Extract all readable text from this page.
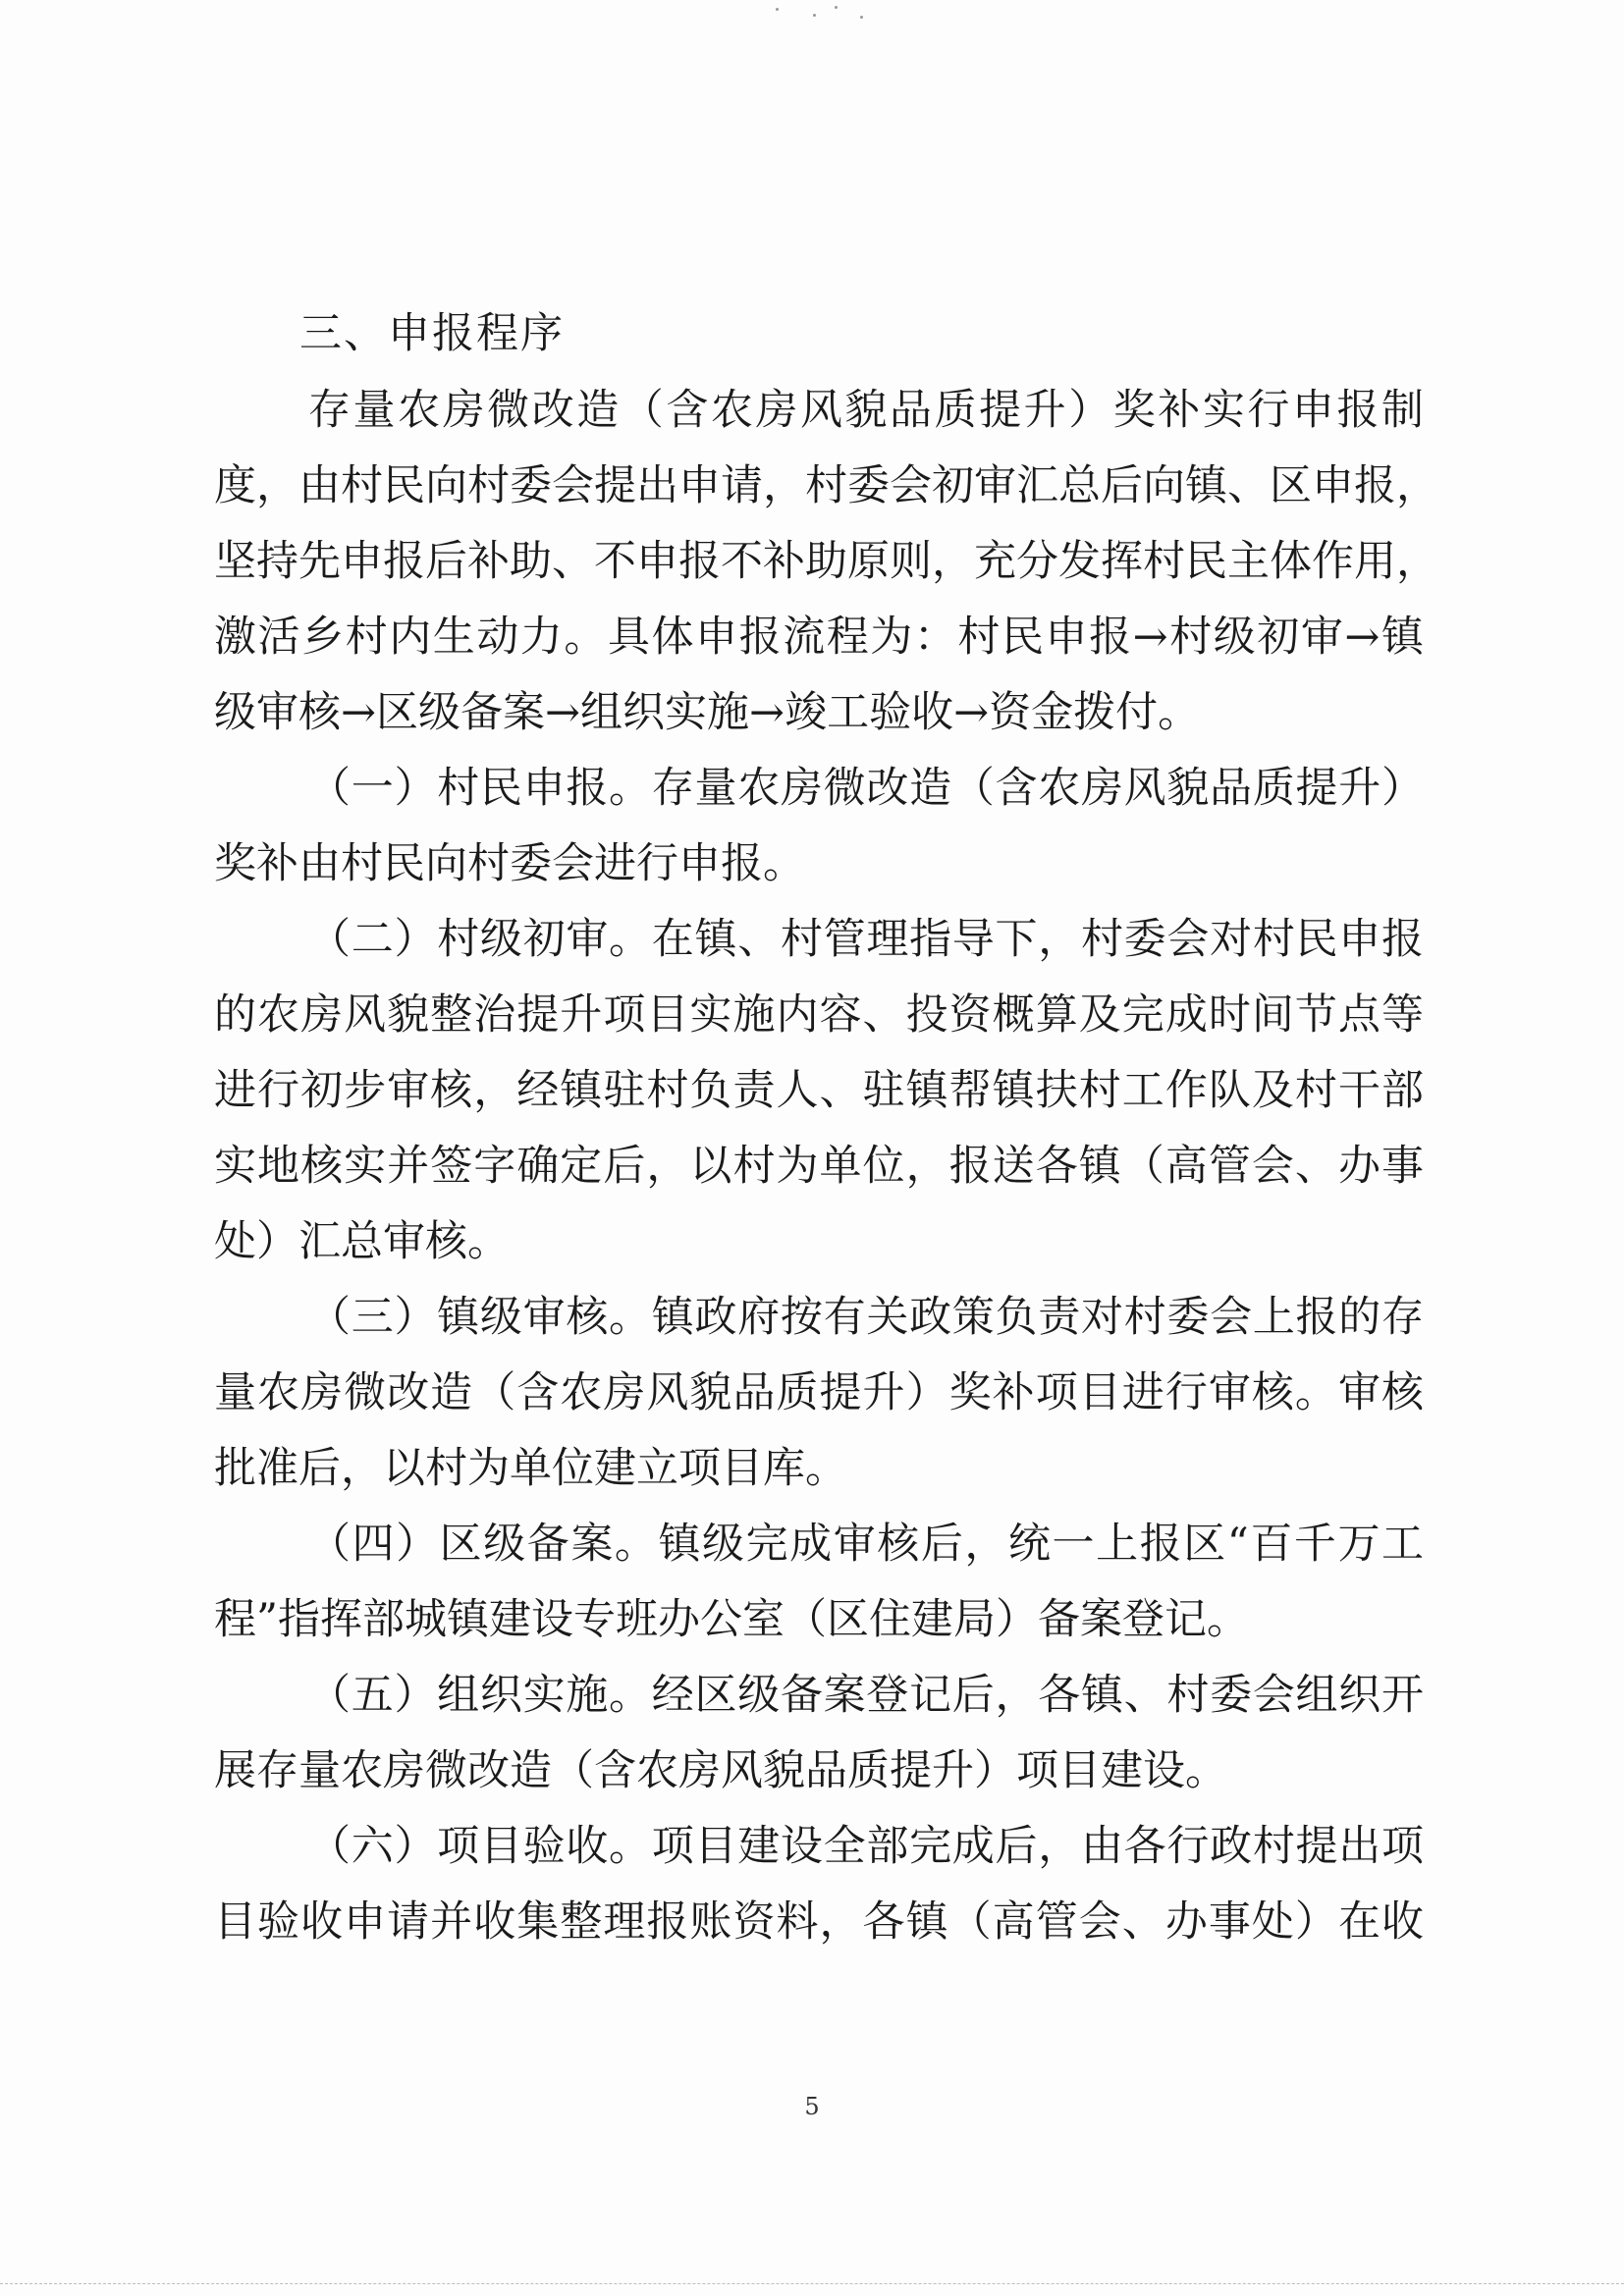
三、申报程序
存量农房微改造（含农房风貌品质提升）奖补实行申报制
度，由村民向村委会提出申请，村委会初审汇总后向镇、区申报，
坚持先申报后补助、不申报不补助原则，充分发挥村民主体作用，
激活乡村内生动力。具体申报流程为：村民申报→村级初审→镇
级审核→区级备案→组织实施→竣工验收→资金拨付。
（一）村民申报。存量农房微改造（含农房风貌品质提升）
奖补由村民向村委会进行申报。
（二）村级初审。在镇、村管理指导下，村委会对村民申报
的农房风貌整治提升项目实施内容、投资概算及完成时间节点等
进行初步审核，经镇驻村负责人、驻镇帮镇扶村工作队及村干部
实地核实并签字确定后，以村为单位，报送各镇（高管会、办事
处）汇总审核。
（三）镇级审核。镇政府按有关政策负责对村委会上报的存
量农房微改造（含农房风貌品质提升）奖补项目进行审核。审核
批准后，以村为单位建立项目库。
（四）区级备案。镇级完成审核后，统一上报区“百千万工
程”指挥部城镇建设专班办公室（区住建局）备案登记。
（五）组织实施。经区级备案登记后，各镇、村委会组织开
展存量农房微改造（含农房风貌品质提升）项目建设。
（六）项目验收。项目建设全部完成后，由各行政村提出项
目验收申请并收集整理报账资料，各镇（高管会、办事处）在收
5
